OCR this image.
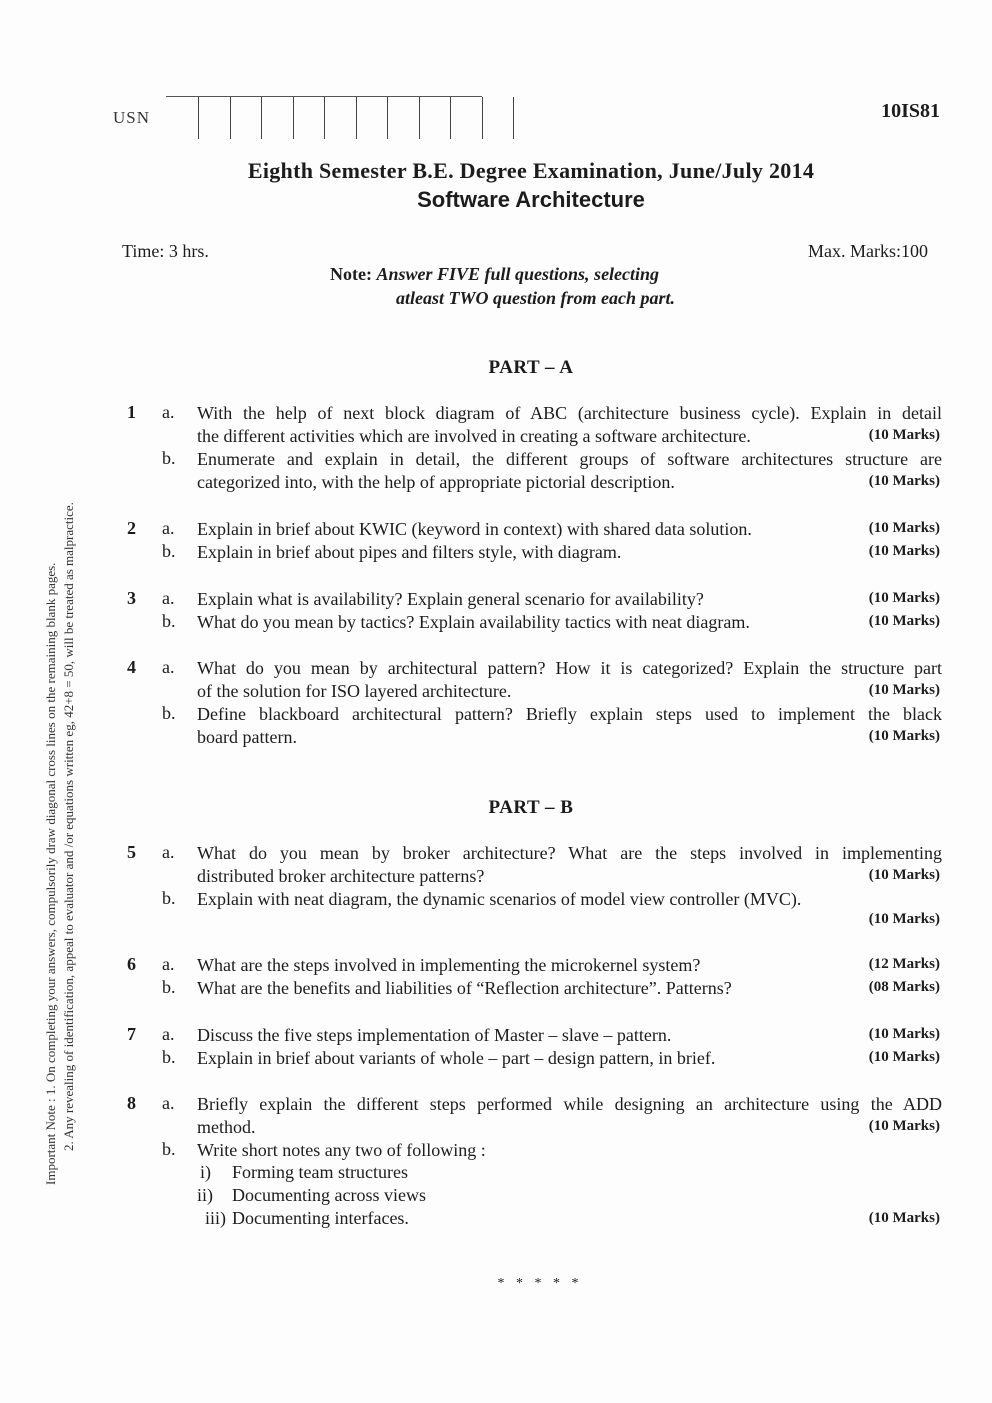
Important Note : 1. On completing your answers, compulsorily draw diagonal cross lines on the remaining blank pages. 2. Any revealing of identification, appeal to evaluator and /or equations written eg, 42+8 = 50, will be treated as malpractice.
USN	10IS81
Eighth Semester B.E. Degree Examination, June/July 2014
Software Architecture
Time: 3 hrs.	Max. Marks:100
Note: Answer FIVE full questions, selecting
atleast TWO question from each part.
PART – A
1	a. With the help of next block diagram of ABC (architecture business cycle). Explain in detail
the different activities which are involved in creating a software architecture.	(10 Marks)
b. Enumerate and explain in detail, the different groups of software architectures structure are
categorized into, with the help of appropriate pictorial description.	(10 Marks)
2	a. Explain in brief about KWIC (keyword in context) with shared data solution.	(10 Marks)
b. Explain in brief about pipes and filters style, with diagram.	(10 Marks)
3	a. Explain what is availability? Explain general scenario for availability?	(10 Marks)
b. What do you mean by tactics? Explain availability tactics with neat diagram.	(10 Marks)
4	a. What do you mean by architectural pattern? How it is categorized? Explain the structure part
of the solution for ISO layered architecture.	(10 Marks)
b. Define blackboard architectural pattern? Briefly explain steps used to implement the black
board pattern.	(10 Marks)
PART – B
5	a. What do you mean by broker architecture? What are the steps involved in implementing
distributed broker architecture patterns?	(10 Marks)
b. Explain with neat diagram, the dynamic scenarios of model view controller (MVC).
(10 Marks)
6	a. What are the steps involved in implementing the microkernel system?	(12 Marks)
b. What are the benefits and liabilities of “Reflection architecture”. Patterns?	(08 Marks)
7	a. Discuss the five steps implementation of Master – slave – pattern.	(10 Marks)
b. Explain in brief about variants of whole – part – design pattern, in brief.	(10 Marks)
8	a. Briefly explain the different steps performed while designing an architecture using the ADD
method.	(10 Marks)
b. Write short notes any two of following :
i) Forming team structures
ii) Documenting across views
iii) Documenting interfaces.	(10 Marks)
* * * * *
